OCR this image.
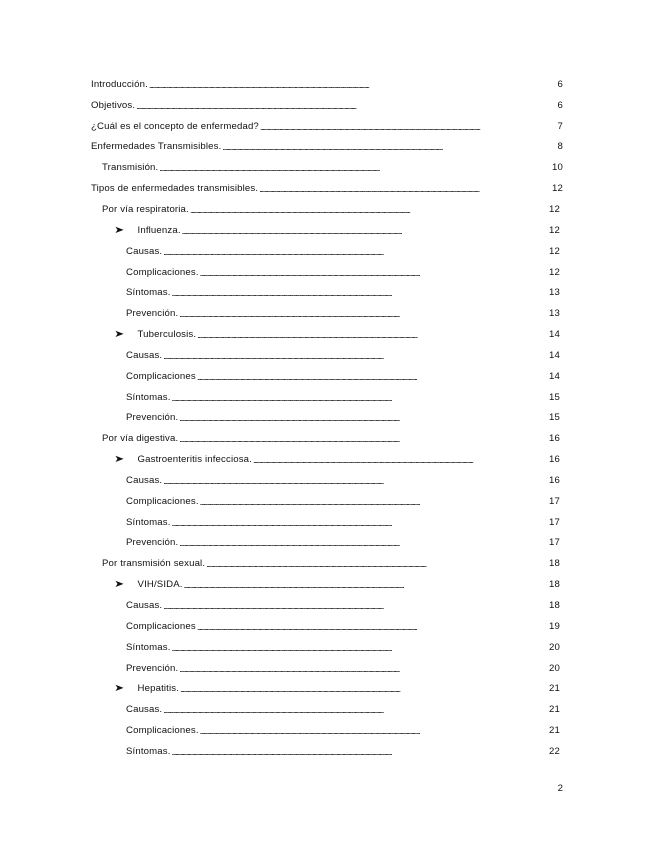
Introducción. . . .	6
Objetivos. . . .	6
¿Cuál es el concepto de enfermedad? . . .	7
Enfermedades Transmisibles. . . .	8
Transmisión. . . .	10
Tipos de enfermedades transmisibles. . . .	12
Por vía respiratoria. . . .	12
➤ Influenza. . . .	12
Causas. . . .	12
Complicaciones. . . .	12
Síntomas. . . .	13
Prevención. . . .	13
➤ Tuberculosis. . . .	14
Causas. . . .	14
Complicaciones . . .	14
Síntomas. . . .	15
Prevención. . . .	15
Por vía digestiva. . . .	16
➤ Gastroenteritis infecciosa. . . .	16
Causas. . . .	16
Complicaciones. . . .	17
Síntomas. . . .	17
Prevención. . . .	17
Por transmisión sexual. . . .	18
➤ VIH/SIDA. . . .	18
Causas. . . .	18
Complicaciones . . .	19
Síntomas. . . .	20
Prevención. . . .	20
➤ Hepatitis. . . .	21
Causas. . . .	21
Complicaciones. . . .	21
Síntomas. . . .	22
2
